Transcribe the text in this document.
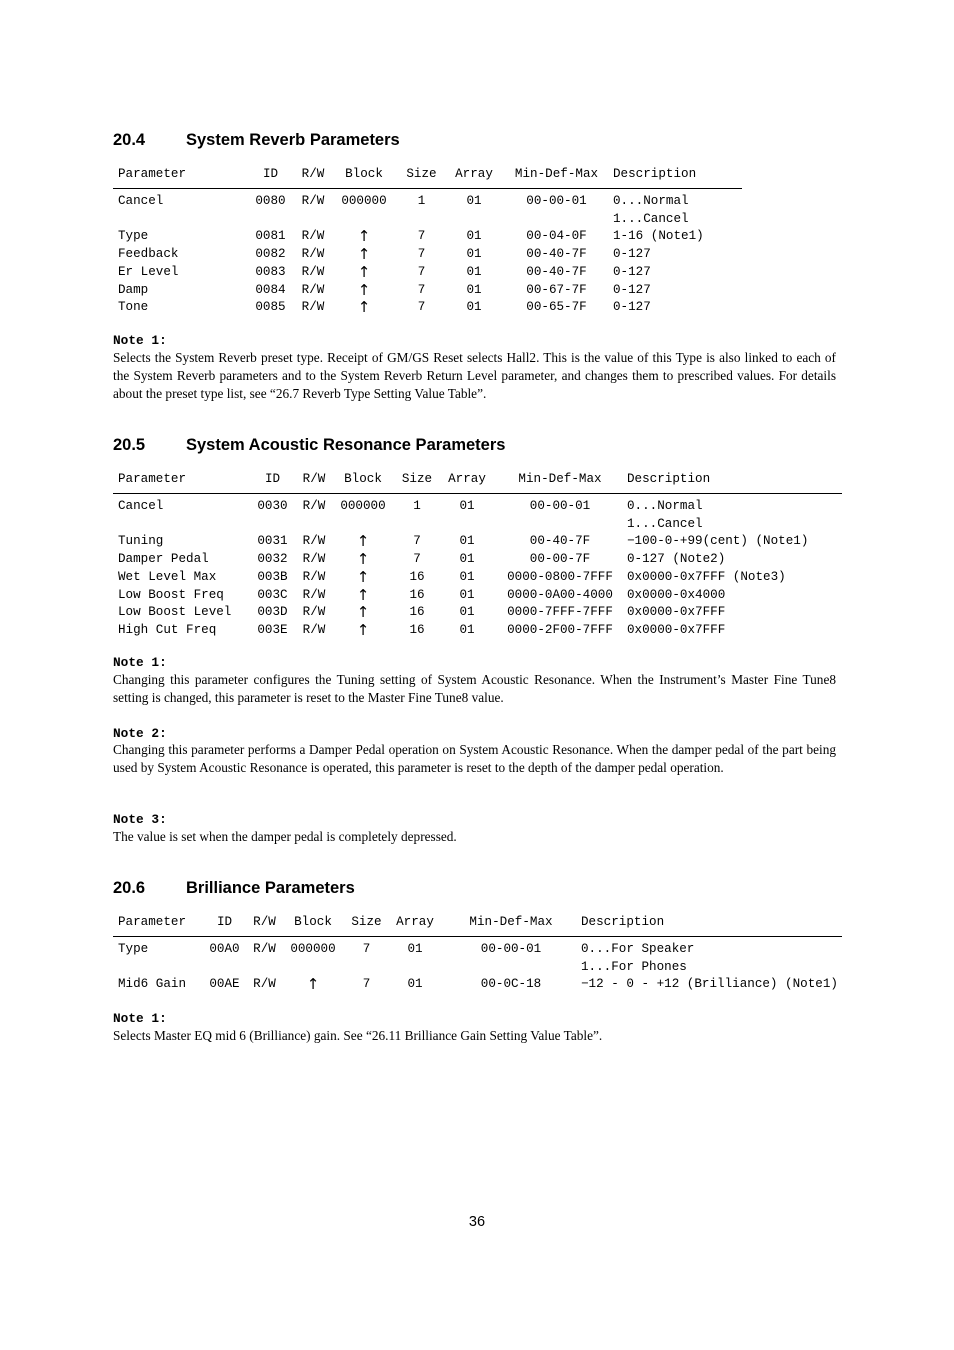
20.4 System Reverb Parameters
Parameter	ID	R/W	Block	Size	Array	Min-Def-Max	Description
Cancel	0080	R/W	000000	1	01	00-00-01	0...Normal
1...Cancel

Type	0081	R/W	↑	7	01	00-04-0F	1-16 (Note1)
Feedback	0082	R/W	↑	7	01	00-40-7F	0-127
Er Level	0083	R/W	↑	7	01	00-40-7F	0-127
Damp	0084	R/W	↑	7	01	00-67-7F	0-127
Tone	0085	R/W	↑	7	01	00-65-7F	0-127
Note 1:

Selects the System Reverb preset type. Receipt of GM/GS Reset selects Hall2. This is the value of this Type is also linked to each of the System Reverb parameters and to the System Reverb Return Level parameter, and changes them to prescribed values. For details about the preset type list, see “26.7 Reverb Type Setting Value Table”.

20.5 System Acoustic Resonance Parameters
Parameter	ID	R/W	Block	Size	Array	Min-Def-Max	Description
Cancel	0030	R/W	000000	1	01	00-00-01	0...Normal
1...Cancel

Tuning	0031	R/W	↑	7	01	00-40-7F	−100-0-+99(cent) (Note1)
Damper Pedal	0032	R/W	↑	7	01	00-00-7F	0-127 (Note2)
Wet Level Max	003B	R/W	↑	16	01	0000-0800-7FFF	0x0000-0x7FFF (Note3)
Low Boost Freq	003C	R/W	↑	16	01	0000-0A00-4000	0x0000-0x4000
Low Boost Level	003D	R/W	↑	16	01	0000-7FFF-7FFF	0x0000-0x7FFF
High Cut Freq	003E	R/W	↑	16	01	0000-2F00-7FFF	0x0000-0x7FFF
Note 1:

Changing this parameter configures the Tuning setting of System Acoustic Resonance. When the Instrument’s Master Fine Tune8 setting is changed, this parameter is reset to the Master Fine Tune8 value.

Note 2:

Changing this parameter performs a Damper Pedal operation on System Acoustic Resonance. When the damper pedal of the part being used by System Acoustic Resonance is operated, this parameter is reset to the depth of the damper pedal operation.

Note 3:

The value is set when the damper pedal is completely depressed.

20.6 Brilliance Parameters
Parameter	ID	R/W	Block	Size	Array	Min-Def-Max	Description
Type	00A0	R/W	000000	7	01	00-00-01	0...For Speaker
1...For Phones

Mid6 Gain	00AE	R/W	↑	7	01	00-0C-18	−12 - 0 - +12 (Brilliance) (Note1)
Note 1:

Selects Master EQ mid 6 (Brilliance) gain. See “26.11 Brilliance Gain Setting Value Table”.

36
